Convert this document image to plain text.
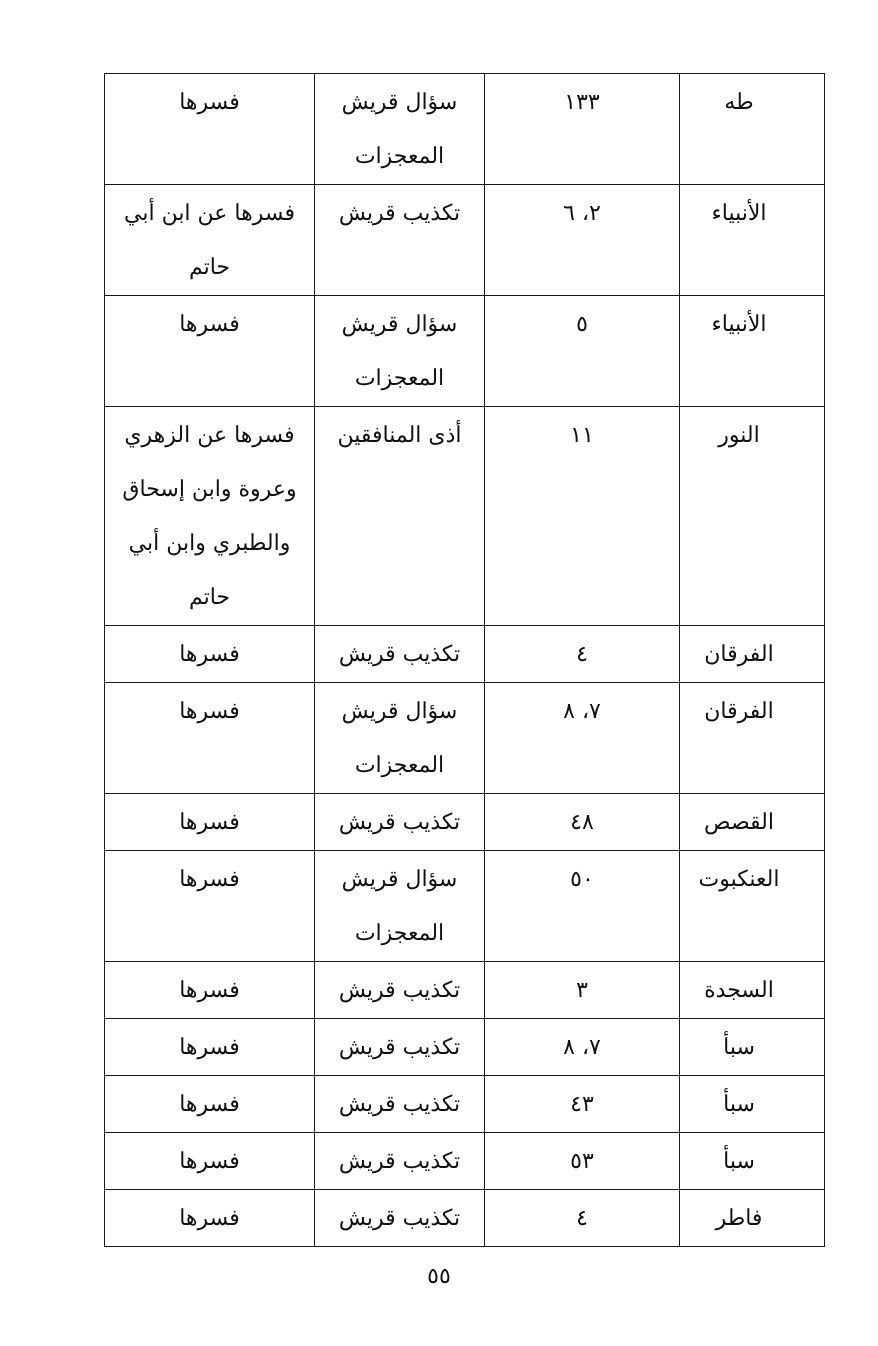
طه	١٣٣	سؤال قريش
المعجزات	فسرها

الأنبياء	٢، ٦	تكذيب قريش	فسرها عن ابن أبي
حاتم

الأنبياء	٥	سؤال قريش
المعجزات	فسرها

النور	١١	أذى المنافقين	فسرها عن الزهري
وعروة وابن إسحاق
والطبري وابن أبي
حاتم

الفرقان	٤	تكذيب قريش	فسرها

الفرقان	٧، ٨	سؤال قريش
المعجزات	فسرها

القصص	٤٨	تكذيب قريش	فسرها

العنكبوت	٥٠	سؤال قريش
المعجزات	فسرها

السجدة	٣	تكذيب قريش	فسرها

سبأ	٧، ٨	تكذيب قريش	فسرها

سبأ	٤٣	تكذيب قريش	فسرها

سبأ	٥٣	تكذيب قريش	فسرها

فاطر	٤	تكذيب قريش	فسرها
٥٥
